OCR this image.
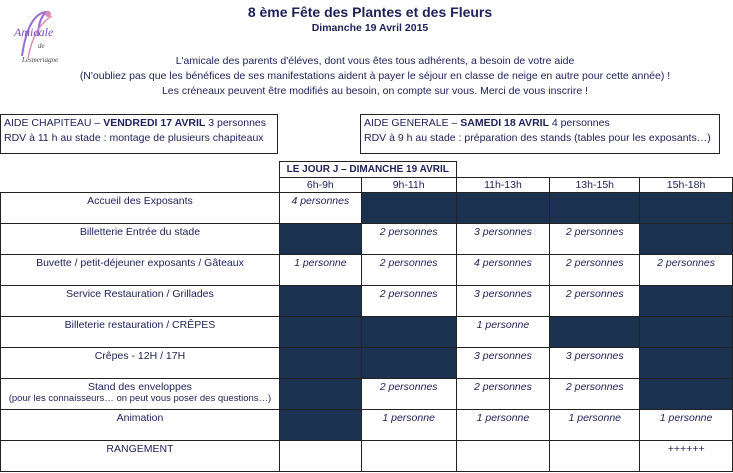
Amicale
de
Lesmeriagne
8 ème Fête des Plantes et des Fleurs
Dimanche 19 Avril 2015
L'amicale des parents d'éléves, dont vous êtes tous adhérents, a besoin de votre aide
(N'oubliez pas que les bénéfices de ses manifestations aident à payer le séjour en classe de neige en autre pour cette année) !
Les créneaux peuvent être modifiés au besoin, on compte sur vous. Merci de vous inscrire !
AIDE CHAPITEAU – VENDREDI 17 AVRIL 3 personnes
RDV à 11 h au stade : montage de plusieurs chapiteaux
AIDE GENERALE – SAMEDI 18 AVRIL 4 personnes
RDV à 9 h au stade : préparation des stands (tables pour les exposants…)
	LE JOUR J – DIMANCHE 19 AVRIL				
	6h-9h	9h-11h	11h-13h	13h-15h	15h-18h
Accueil des Exposants	4 personnes				
Billetterie Entrée du stade		2 personnes	3 personnes	2 personnes	
Buvette / petit-déjeuner exposants / Gâteaux	1 personne	2 personnes	4 personnes	2 personnes	2 personnes
Service Restauration / Grillades		2 personnes	3 personnes	2 personnes	
Billeterie restauration / CRÊPES			1 personne		
Crêpes - 12H / 17H			3 personnes	3 personnes	
Stand des enveloppes
(pour les connaisseurs… on peut vous poser des questions…)		2 personnes	2 personnes	2 personnes	
Animation		1 personne	1 personne	1 personne	1 personne
RANGEMENT					++++++
